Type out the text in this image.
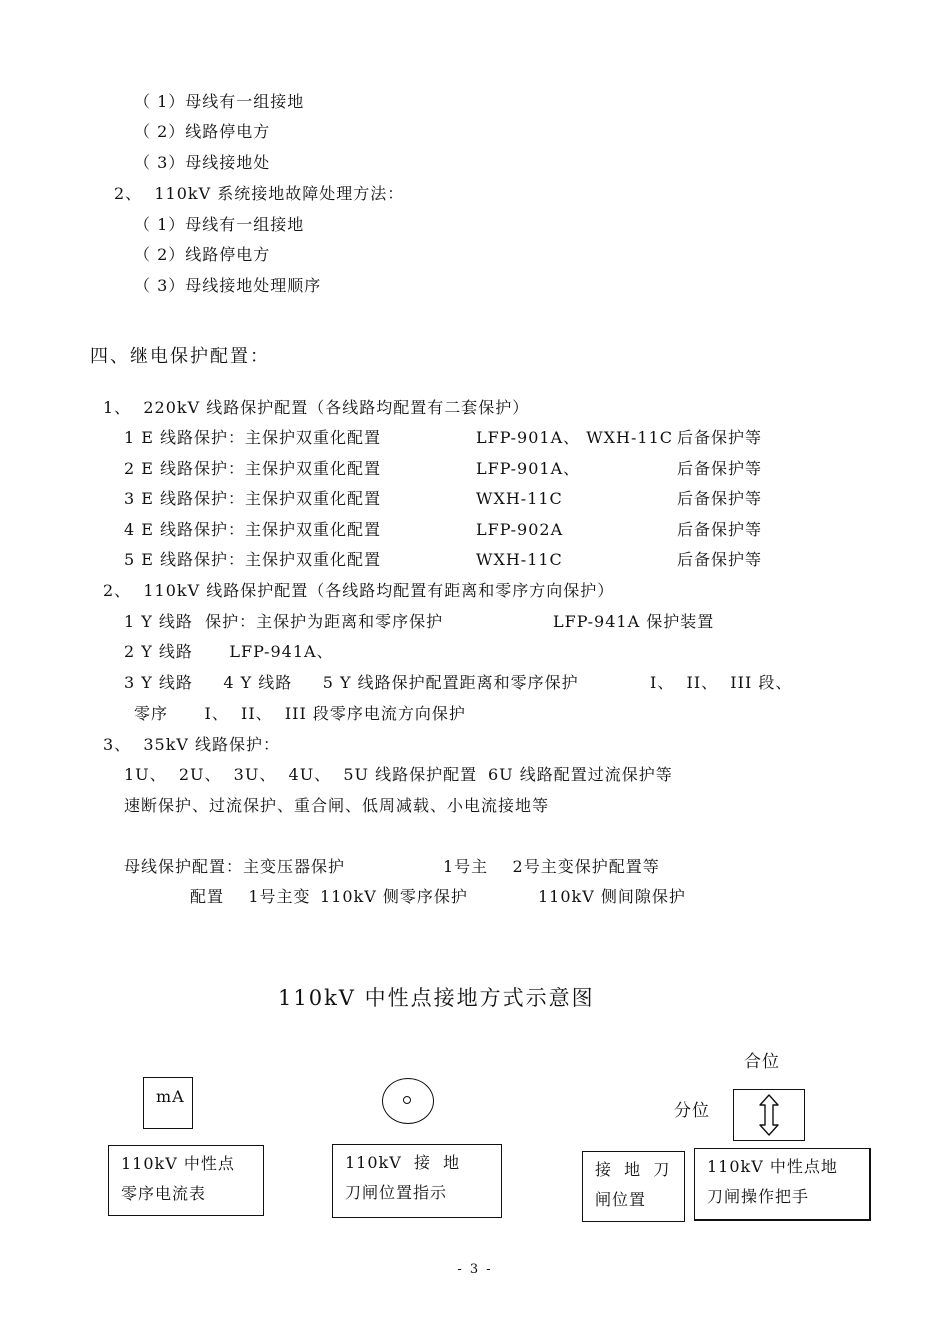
（ 1）母线有一组接地
（ 2）线路停电方
（ 3）母线接地处
2、  110kV 系统接地故障处理方法：
（ 1）母线有一组接地
（ 2）线路停电方
（ 3）母线接地处理顺序
四、继电保护配置：
1、  220kV 线路保护配置（各线路均配置有二套保护）
1 E 线路保护：主保护双重化配置	LFP-901A、 WXH-11C 后备保护等
2 E 线路保护：主保护双重化配置	LFP-901A、	后备保护等
3 E 线路保护：主保护双重化配置	WXH-11C	后备保护等
4 E 线路保护：主保护双重化配置	LFP-902A	后备保护等
5 E 线路保护：主保护双重化配置	WXH-11C	后备保护等
2、  110kV 线路保护配置（各线路均配置有距离和零序方向保护）
1 Y 线路  保护：主保护为距离和零序保护	LFP-941A 保护装置
2 Y 线路      LFP-941A、
3 Y 线路     4 Y 线路     5 Y 线路保护配置距离和零序保护	I、  II、  III 段、
零序      I、  II、  III 段零序电流方向保护
3、  35kV 线路保护：
1U、  2U、  3U、  4U、  5U 线路保护配置 6U 线路配置过流保护等
速断保护、过流保护、重合闸、低周减载、小电流接地等
母线保护配置：主变压器保护	1号主    2号主变保护配置等
配置    1号主变 110kV 侧零序保护	110kV 侧间隙保护
110kV 中性点接地方式示意图

mA

110kV 中性点

零序电流表

110kV  接  地

刀闸位置指示

合位
分位

接  地  刀

闸位置

110kV 中性点地

刀闸操作把手

- 3 -
